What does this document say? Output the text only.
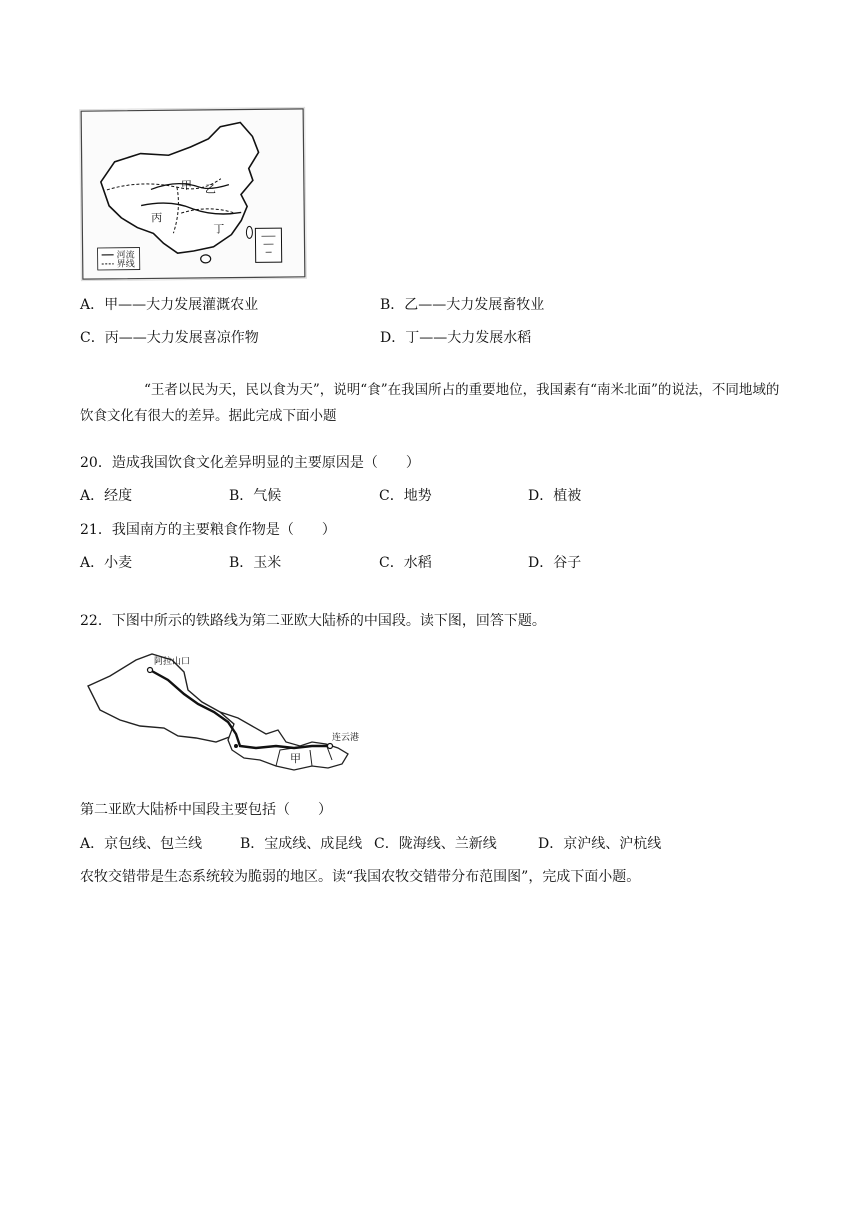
甲 乙
丙
丁
河流
界线
A．甲——大力发展灌溉农业	B．乙——大力发展畜牧业
C．丙——大力发展喜凉作物	D．丁——大力发展水稻
“王者以民为天，民以食为天”，说明“食”在我国所占的重要地位，我国素有“南米北面”的说法，不同地域的饮食文化有很大的差异。据此完成下面小题
20．造成我国饮食文化差异明显的主要原因是（　　）
A．经度	B．气候	C．地势	D．植被
21．我国南方的主要粮食作物是（　　）
A．小麦	B．玉米	C．水稻	D．谷子
22．下图中所示的铁路线为第二亚欧大陆桥的中国段。读下图，回答下题。
阿拉山口
连云港
甲
第二亚欧大陆桥中国段主要包括（　　）
A．京包线、包兰线	B．宝成线、成昆线 C．陇海线、兰新线	D．京沪线、沪杭线
农牧交错带是生态系统较为脆弱的地区。读“我国农牧交错带分布范围图”，完成下面小题。
